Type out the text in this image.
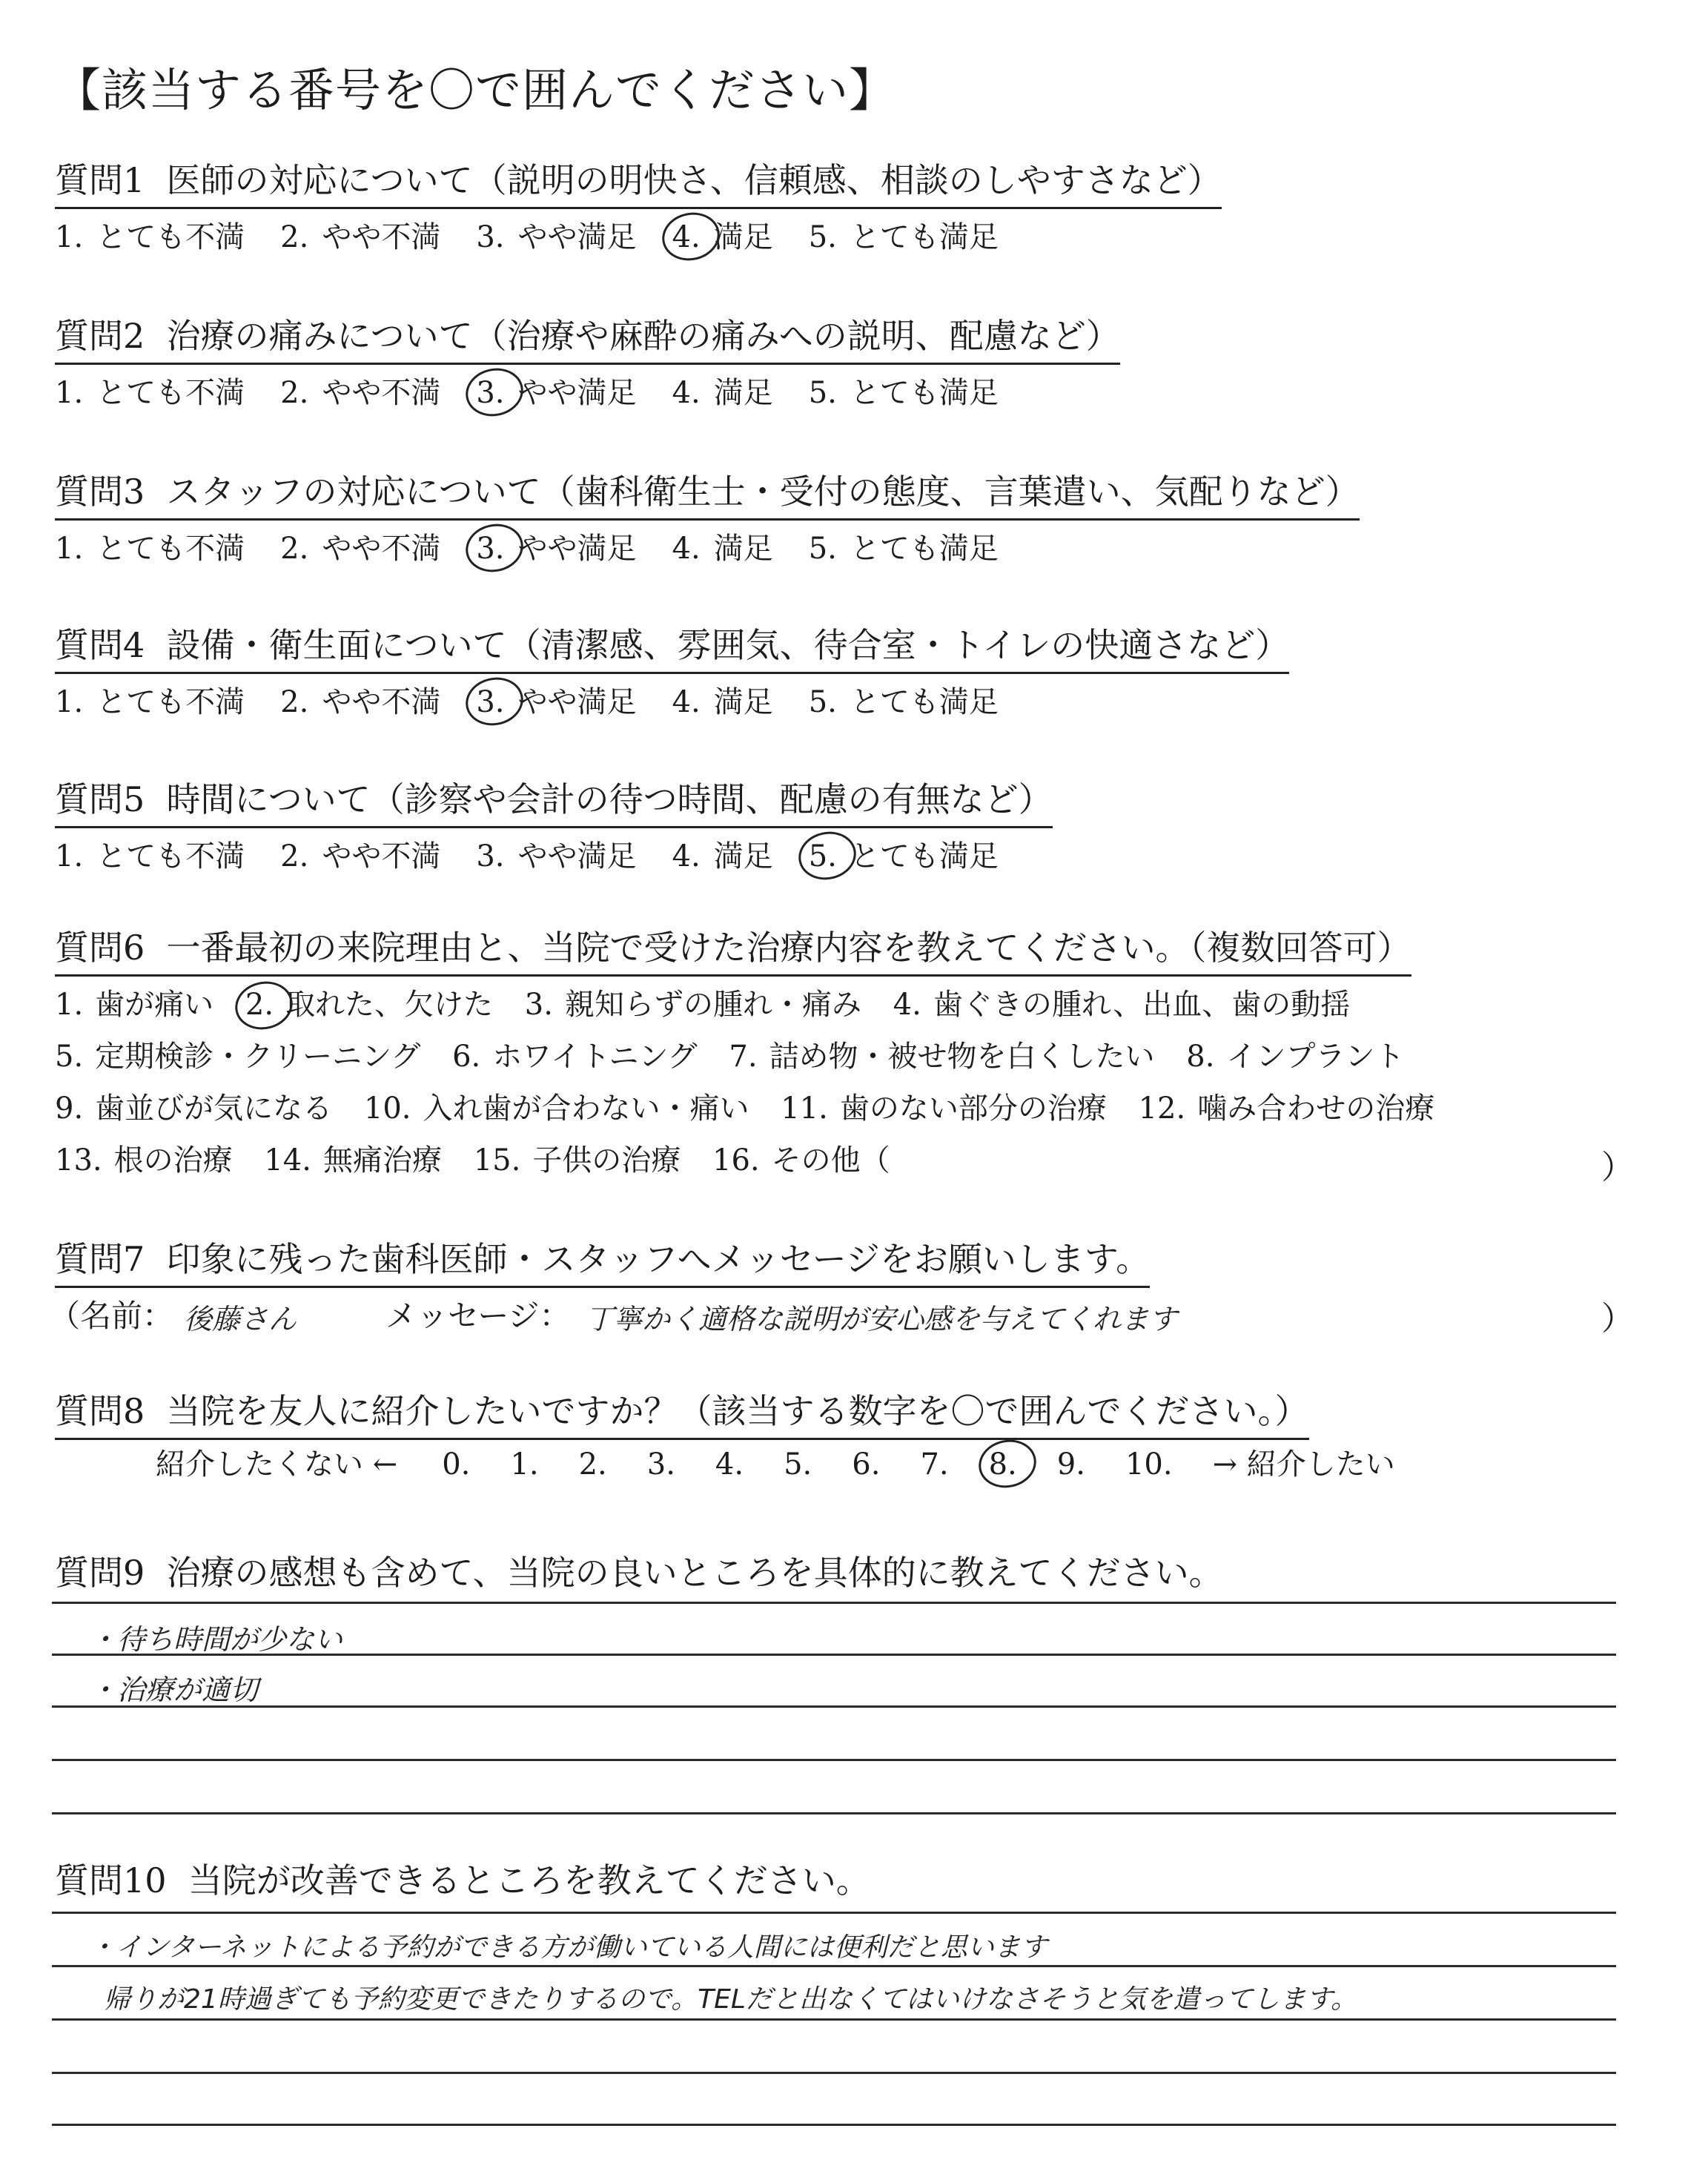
【該当する番号を〇で囲んでください】
質問1 医師の対応について（説明の明快さ、信頼感、相談のしやすさなど）
1. とても不満 2. やや不満 3. やや満足 4. 満足 5. とても満足
質問2 治療の痛みについて（治療や麻酔の痛みへの説明、配慮など）
1. とても不満 2. やや不満 3. やや満足 4. 満足 5. とても満足
質問3 スタッフの対応について（歯科衛生士・受付の態度、言葉遣い、気配りなど）
1. とても不満 2. やや不満 3. やや満足 4. 満足 5. とても満足
質問4 設備・衛生面について（清潔感、雰囲気、待合室・トイレの快適さなど）
1. とても不満 2. やや不満 3. やや満足 4. 満足 5. とても満足
質問5 時間について（診察や会計の待つ時間、配慮の有無など）
1. とても不満 2. やや不満 3. やや満足 4. 満足 5. とても満足
質問6 一番最初の来院理由と、当院で受けた治療内容を教えてください。（複数回答可）
1. 歯が痛い 2. 取れた、欠けた 3. 親知らずの腫れ・痛み 4. 歯ぐきの腫れ、出血、歯の動揺
5. 定期検診・クリーニング 6. ホワイトニング 7. 詰め物・被せ物を白くしたい 8. インプラント
9. 歯並びが気になる 10. 入れ歯が合わない・痛い 11. 歯のない部分の治療 12. 噛み合わせの治療
13. 根の治療 14. 無痛治療 15. 子供の治療 16. その他（	）
質問7 印象に残った歯科医師・スタッフへメッセージをお願いします。
（名前： 後藤さん	メッセージ： 丁寧かく適格な説明が安心感を与えてくれます	）
質問8 当院を友人に紹介したいですか？（該当する数字を〇で囲んでください。）
紹介したくない ← 0. 1. 2. 3. 4. 5. 6. 7. 8. 9. 10. → 紹介したい
質問9 治療の感想も含めて、当院の良いところを具体的に教えてください。
・待ち時間が少ない
・治療が適切
質問10 当院が改善できるところを教えてください。
・インターネットによる予約ができる方が働いている人間には便利だと思います
帰りが21時過ぎても予約変更できたりするので。TELだと出なくてはいけなさそうと気を遣ってします。
